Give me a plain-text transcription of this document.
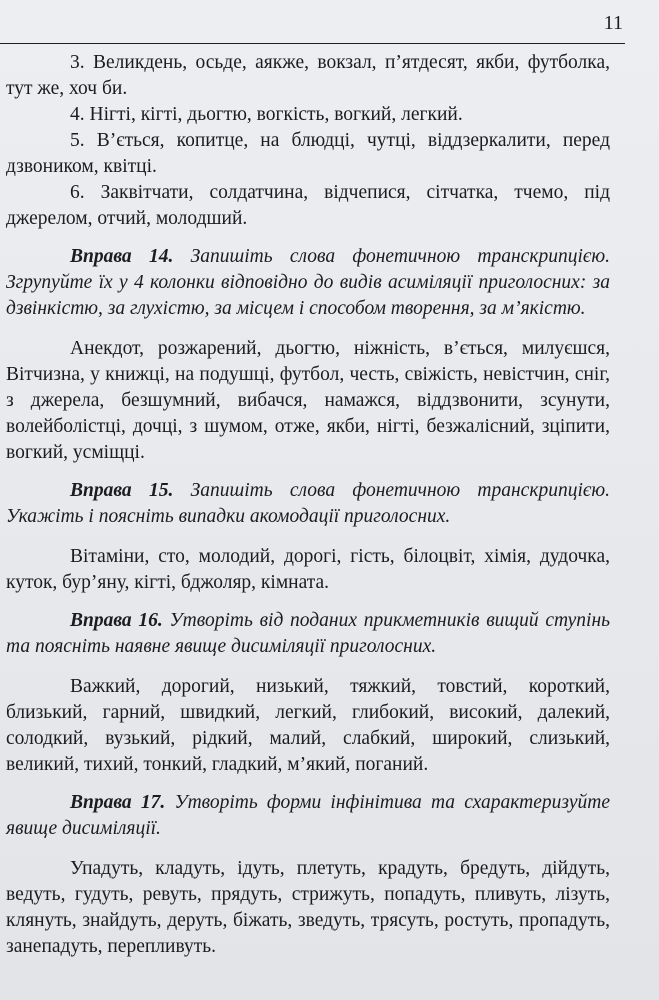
11

3. Великдень, осьде, аякже, вокзал, п’ятдесят, якби, футболка, тут же, хоч би.

4. Нігті, кігті, дьогтю, вогкість, вогкий, легкий.

5. В’ється, копитце, на блюдці, чутці, віддзеркалити, перед дзвоником, квітці.

6. Заквітчати, солдатчина, відчепися, сітчатка, тчемо, під джерелом, отчий, молодший.

Вправа 14. Запишіть слова фонетичною транскрипцією. Згрупуйте їх у 4 колонки відповідно до видів асиміляції приголосних: за дзвінкістю, за глухістю, за місцем і способом творення, за м’якістю.

Анекдот, розжарений, дьогтю, ніжність, в’ється, милуєшся, Вітчизна, у книжці, на подушці, футбол, честь, свіжість, невістчин, сніг, з джерела, безшумний, вибачся, намажся, віддзвонити, зсунути, волейболістці, дочці, з шумом, отже, якби, нігті, безжалісний, зціпити, вогкий, усміщці.

Вправа 15. Запишіть слова фонетичною транскрипцією. Укажіть і поясніть випадки акомодації приголосних.

Вітаміни, сто, молодий, дорогі, гість, білоцвіт, хімія, дудочка, куток, бур’яну, кігті, бджоляр, кімната.

Вправа 16. Утворіть від поданих прикметників вищий ступінь та поясніть наявне явище дисиміляції приголосних.

Важкий, дорогий, низький, тяжкий, товстий, короткий, близький, гарний, швидкий, легкий, глибокий, високий, далекий, солодкий, вузький, рідкий, малий, слабкий, широкий, слизький, великий, тихий, тонкий, гладкий, м’який, поганий.

Вправа 17. Утворіть форми інфінітива та схарактеризуйте явище дисиміляції.

Упадуть, кладуть, ідуть, плетуть, крадуть, бредуть, дійдуть, ведуть, гудуть, ревуть, прядуть, стрижуть, попадуть, пливуть, лізуть, клянуть, знайдуть, деруть, біжать, зведуть, трясуть, ростуть, пропадуть, занепадуть, перепливуть.
